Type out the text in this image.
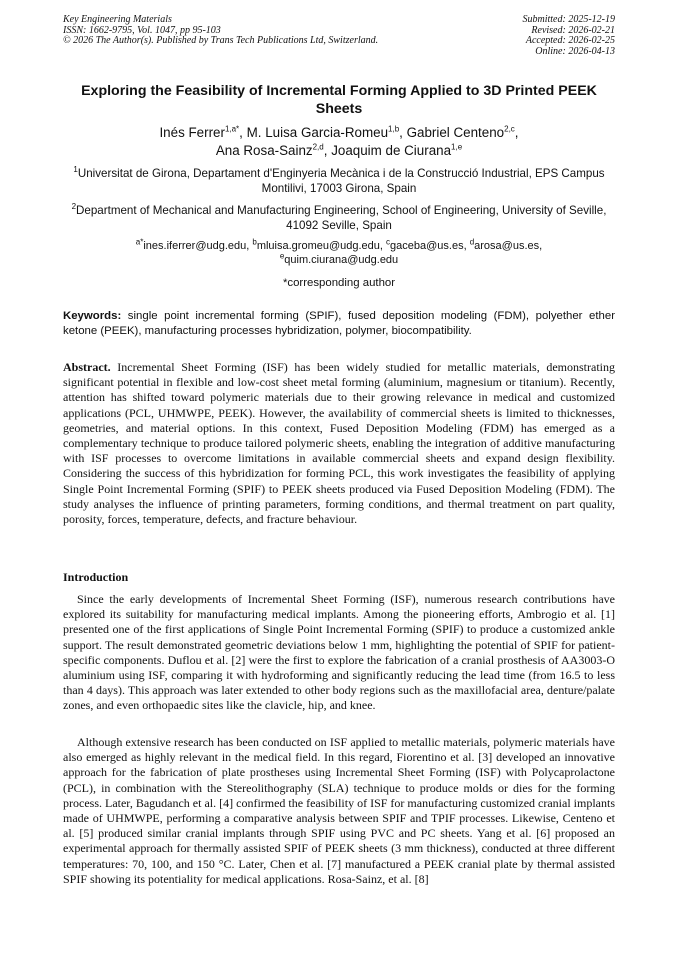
Key Engineering Materials
ISSN: 1662-9795, Vol. 1047, pp 95-103
© 2026 The Author(s). Published by Trans Tech Publications Ltd, Switzerland.
Submitted: 2025-12-19
Revised: 2026-02-21
Accepted: 2026-02-25
Online: 2026-04-13
Exploring the Feasibility of Incremental Forming Applied to 3D Printed PEEK Sheets
Inés Ferrer$^{1,a*}$, M. Luisa Garcia-Romeu$^{1,b}$, Gabriel Centeno$^{2,c}$,
Ana Rosa-Sainz$^{2,d}$, Joaquim de Ciurana$^{1,e}$
$^1$Universitat de Girona, Departament d'Enginyeria Mecànica i de la Construcció Industrial, EPS Campus Montilivi, 17003 Girona, Spain
$^2$Department of Mechanical and Manufacturing Engineering, School of Engineering, University of Seville, 41092 Seville, Spain
$^{a*}$ines.iferrer@udg.edu, $^b$mluisa.gromeu@udg.edu, $^c$gaceba@us.es, $^d$arosa@us.es,
$^e$quim.ciurana@udg.edu
*corresponding author
Keywords: single point incremental forming (SPIF), fused deposition modeling (FDM), polyether ether ketone (PEEK), manufacturing processes hybridization, polymer, biocompatibility.
Abstract. Incremental Sheet Forming (ISF) has been widely studied for metallic materials, demonstrating significant potential in flexible and low-cost sheet metal forming (aluminium, magnesium or titanium). Recently, attention has shifted toward polymeric materials due to their growing relevance in medical and customized applications (PCL, UHMWPE, PEEK). However, the availability of commercial sheets is limited to thicknesses, geometries, and material options. In this context, Fused Deposition Modeling (FDM) has emerged as a complementary technique to produce tailored polymeric sheets, enabling the integration of additive manufacturing with ISF processes to overcome limitations in available commercial sheets and expand design flexibility. Considering the success of this hybridization for forming PCL, this work investigates the feasibility of applying Single Point Incremental Forming (SPIF) to PEEK sheets produced via Fused Deposition Modeling (FDM). The study analyses the influence of printing parameters, forming conditions, and thermal treatment on part quality, porosity, forces, temperature, defects, and fracture behaviour.
Introduction
Since the early developments of Incremental Sheet Forming (ISF), numerous research contributions have explored its suitability for manufacturing medical implants. Among the pioneering efforts, Ambrogio et al. [1] presented one of the first applications of Single Point Incremental Forming (SPIF) to produce a customized ankle support. The result demonstrated geometric deviations below 1 mm, highlighting the potential of SPIF for patient-specific components. Duflou et al. [2] were the first to explore the fabrication of a cranial prosthesis of AA3003-O aluminium using ISF, comparing it with hydroforming and significantly reducing the lead time (from 16.5 to less than 4 days). This approach was later extended to other body regions such as the maxillofacial area, denture/palate zones, and even orthopaedic sites like the clavicle, hip, and knee.
Although extensive research has been conducted on ISF applied to metallic materials, polymeric materials have also emerged as highly relevant in the medical field. In this regard, Fiorentino et al. [3] developed an innovative approach for the fabrication of plate prostheses using Incremental Sheet Forming (ISF) with Polycaprolactone (PCL), in combination with the Stereolithography (SLA) technique to produce molds or dies for the forming process. Later, Bagudanch et al. [4] confirmed the feasibility of ISF for manufacturing customized cranial implants made of UHMWPE, performing a comparative analysis between SPIF and TPIF processes. Likewise, Centeno et al. [5] produced similar cranial implants through SPIF using PVC and PC sheets. Yang et al. [6] proposed an experimental approach for thermally assisted SPIF of PEEK sheets (3 mm thickness), conducted at three different temperatures: 70, 100, and 150 °C. Later, Chen et al. [7] manufactured a PEEK cranial plate by thermal assisted SPIF showing its potentiality for medical applications. Rosa-Sainz, et al. [8]
